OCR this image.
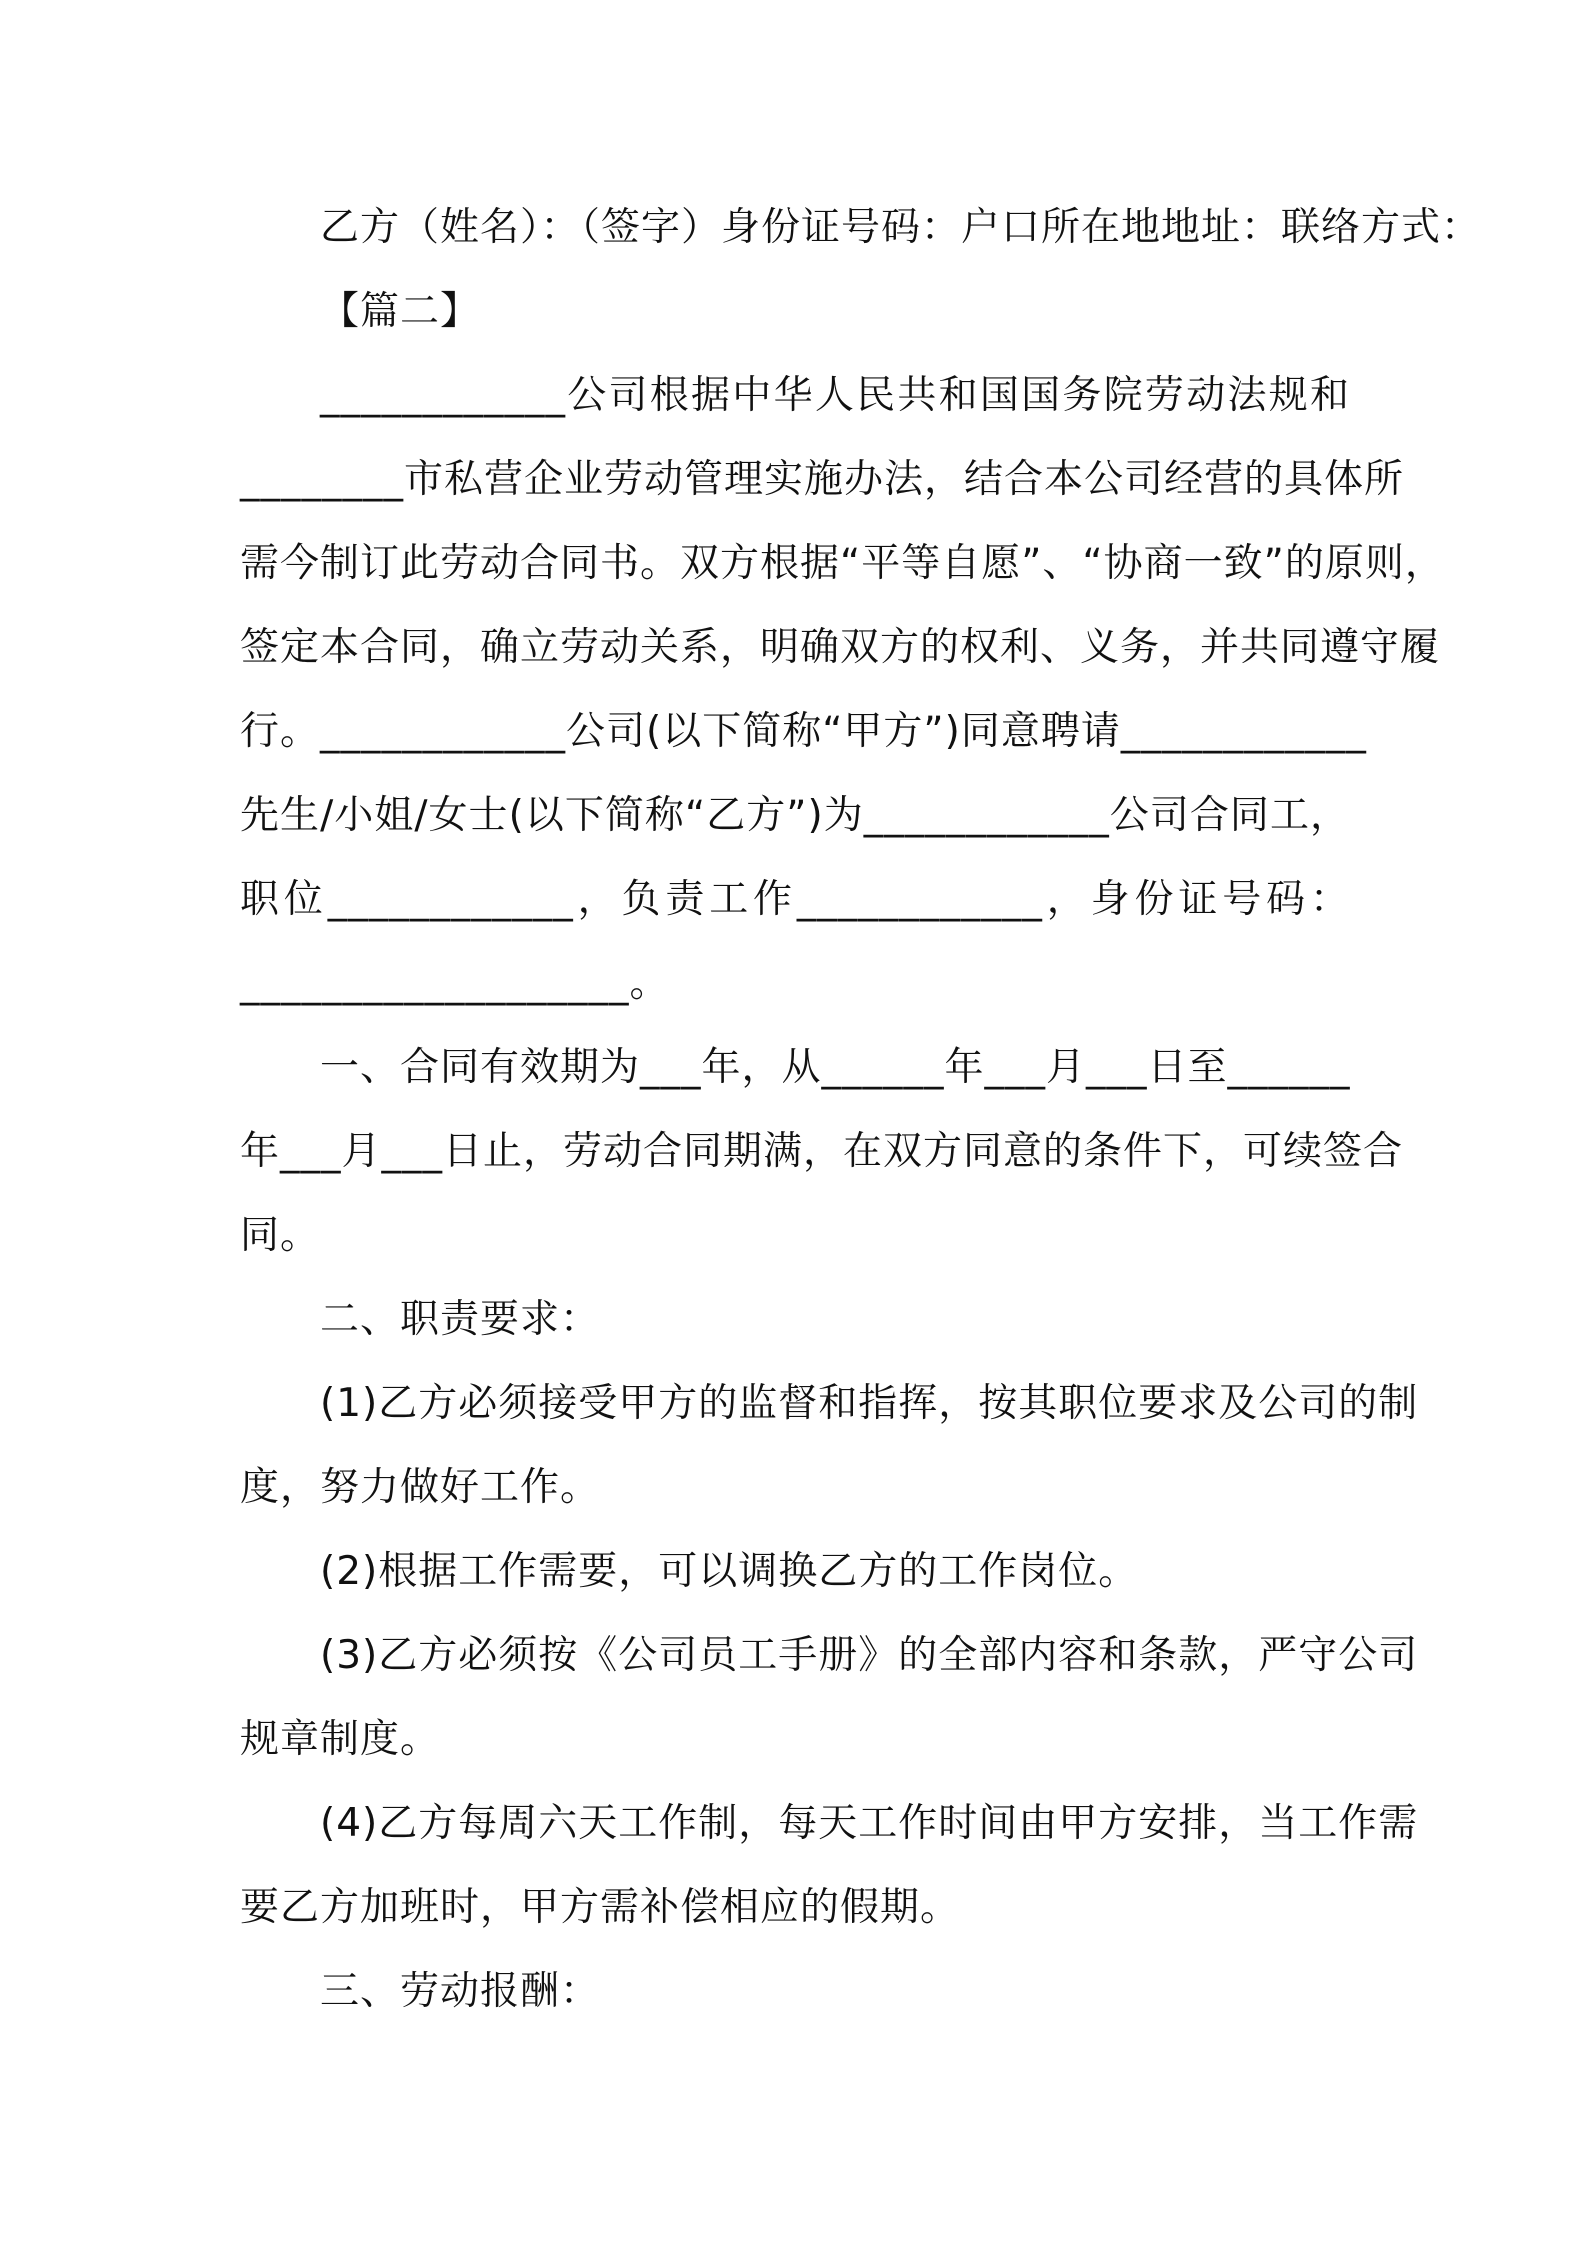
乙方（姓名）：（签字）身份证号码：户口所在地地址：联络方式：
【篇二】
____________公司根据中华人民共和国国务院劳动法规和
________市私营企业劳动管理实施办法，结合本公司经营的具体所
需今制订此劳动合同书。双方根据“平等自愿”、“协商一致”的原则，
签定本合同，确立劳动关系，明确双方的权利、义务，并共同遵守履
行。____________公司(以下简称“甲方”)同意聘请____________
先生/小姐/女士(以下简称“乙方”)为____________公司合同工，
职位____________，负责工作____________，身份证号码：
___________________。
一、合同有效期为___年，从______年___月___日至______
年___月___日止，劳动合同期满，在双方同意的条件下，可续签合
同。
二、职责要求：
(1)乙方必须接受甲方的监督和指挥，按其职位要求及公司的制
度，努力做好工作。
(2)根据工作需要，可以调换乙方的工作岗位。
(3)乙方必须按《公司员工手册》的全部内容和条款，严守公司
规章制度。
(4)乙方每周六天工作制，每天工作时间由甲方安排，当工作需
要乙方加班时，甲方需补偿相应的假期。
三、劳动报酬：
